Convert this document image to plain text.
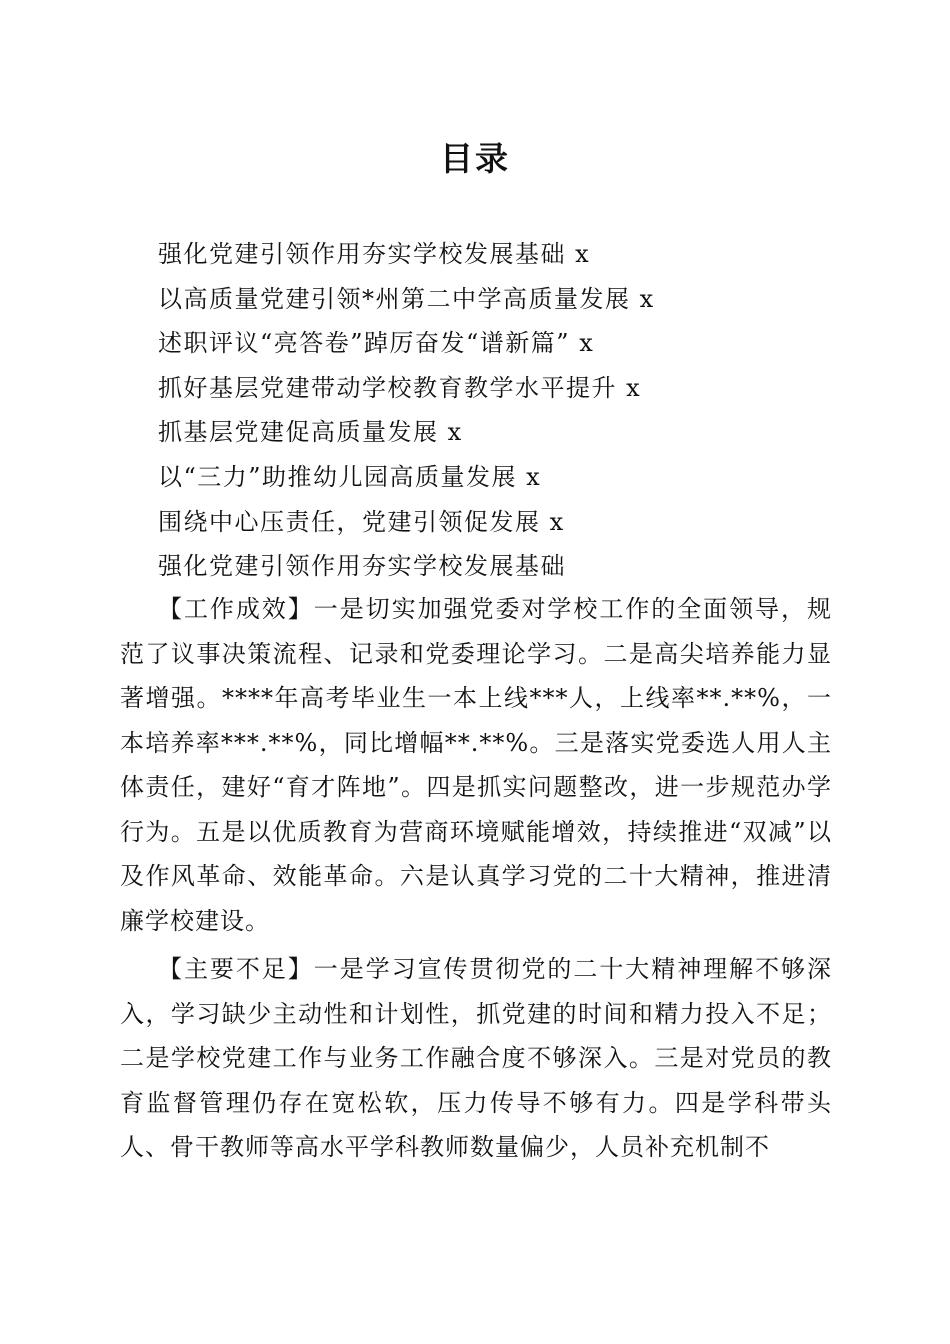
目录
强化党建引领作用夯实学校发展基础 x
以高质量党建引领*州第二中学高质量发展 x
述职评议“亮答卷”踔厉奋发“谱新篇” x
抓好基层党建带动学校教育教学水平提升 x
抓基层党建促高质量发展 x
以“三力”助推幼儿园高质量发展 x
围绕中心压责任，党建引领促发展 x
强化党建引领作用夯实学校发展基础

【工作成效】一是切实加强党委对学校工作的全面领导，规范了议事决策流程、记录和党委理论学习。二是高尖培养能力显著增强。****年高考毕业生一本上线***人，上线率**.**%，一本培养率***.**%，同比增幅**.**%。三是落实党委选人用人主体责任，建好“育才阵地”。四是抓实问题整改，进一步规范办学行为。五是以优质教育为营商环境赋能增效，持续推进“双减”以及作风革命、效能革命。六是认真学习党的二十大精神，推进清廉学校建设。

【主要不足】一是学习宣传贯彻党的二十大精神理解不够深入，学习缺少主动性和计划性，抓党建的时间和精力投入不足；二是学校党建工作与业务工作融合度不够深入。三是对党员的教育监督管理仍存在宽松软，压力传导不够有力。四是学科带头人、骨干教师等高水平学科教师数量偏少，人员补充机制不
